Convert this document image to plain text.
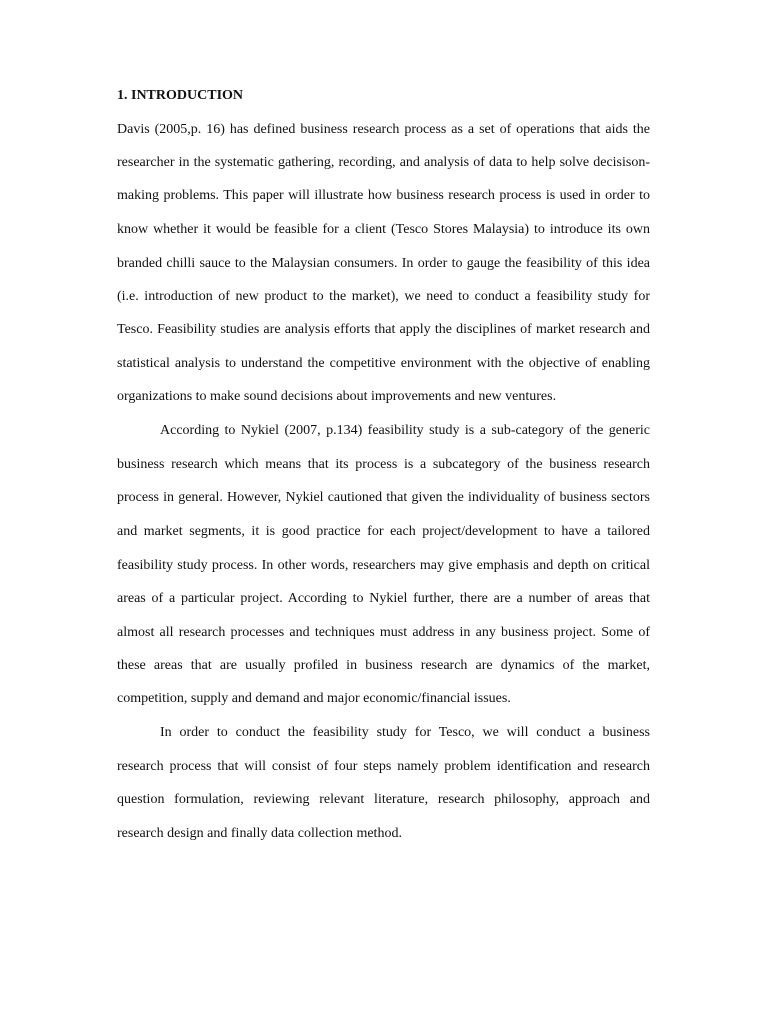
1. INTRODUCTION

Davis (2005,p. 16) has defined business research process as a set of operations that aids the

researcher in the systematic gathering, recording, and analysis of data to help solve decisison-

making problems. This paper will illustrate how business research process is used in order to

know whether it would be feasible for a client (Tesco Stores Malaysia) to introduce its own

branded chilli sauce to the Malaysian consumers. In order to gauge the feasibility of this idea

(i.e. introduction of new product to the market), we need to conduct a feasibility study for

Tesco. Feasibility studies are analysis efforts that apply the disciplines of market research and

statistical analysis to understand the competitive environment with the objective of enabling

organizations to make sound decisions about improvements and new ventures.

According to Nykiel (2007, p.134) feasibility study is a sub-category of the generic

business research which means that its process is a subcategory of the business research

process in general. However, Nykiel cautioned that given the individuality of business sectors

and market segments, it is good practice for each project/development to have a tailored

feasibility study process. In other words, researchers may give emphasis and depth on critical

areas of a particular project. According to Nykiel further, there are a number of areas that

almost all research processes and techniques must address in any business project. Some of

these areas that are usually profiled in business research are dynamics of the market,

competition, supply and demand and major economic/financial issues.

In order to conduct the feasibility study for Tesco, we will conduct a business

research process that will consist of four steps namely problem identification and research

question formulation, reviewing relevant literature, research philosophy, approach and

research design and finally data collection method.
